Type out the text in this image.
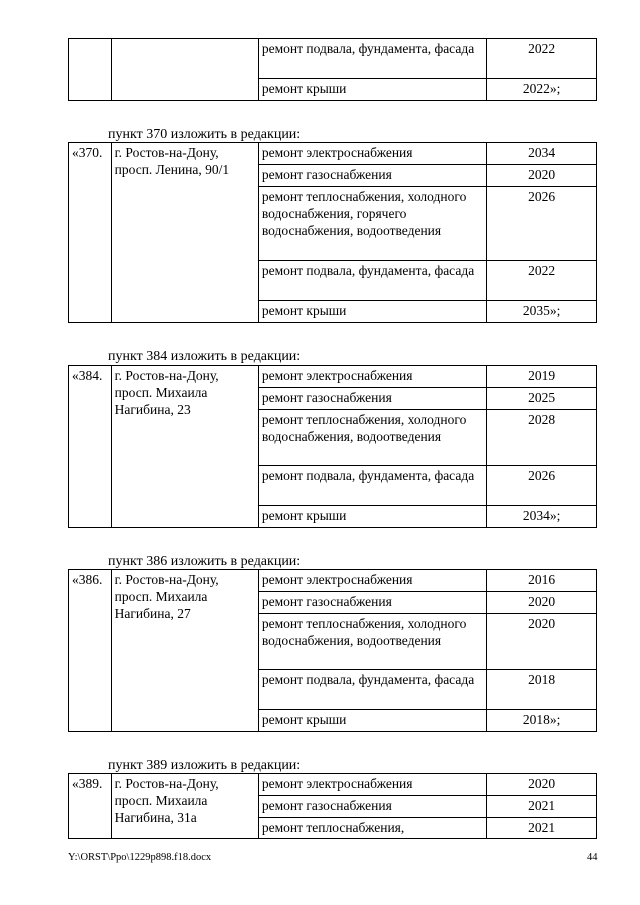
		ремонт подвала, фундамента, фасада	2022
		ремонт крыши	2022»;
пункт 370 изложить в редакции:
«370.	г. Ростов-на-Дону, просп. Ленина, 90/1	ремонт электроснабжения	2034
		ремонт газоснабжения	2020
		ремонт теплоснабжения, холодного водоснабжения, горячего водоснабжения, водоотведения	2026
		ремонт подвала, фундамента, фасада	2022
		ремонт крыши	2035»;
пункт 384 изложить в редакции:
«384.	г. Ростов-на-Дону, просп. Михаила Нагибина, 23	ремонт электроснабжения	2019
		ремонт газоснабжения	2025
		ремонт теплоснабжения, холодного водоснабжения, водоотведения	2028
		ремонт подвала, фундамента, фасада	2026
		ремонт крыши	2034»;
пункт 386 изложить в редакции:
«386.	г. Ростов-на-Дону, просп. Михаила Нагибина, 27	ремонт электроснабжения	2016
		ремонт газоснабжения	2020
		ремонт теплоснабжения, холодного водоснабжения, водоотведения	2020
		ремонт подвала, фундамента, фасада	2018
		ремонт крыши	2018»;
пункт 389 изложить в редакции:
«389.	г. Ростов-на-Дону, просп. Михаила Нагибина, 31а	ремонт электроснабжения	2020
		ремонт газоснабжения	2021
		ремонт теплоснабжения,	2021
Y:\ORST\Ppo\1229p898.f18.docx	44
